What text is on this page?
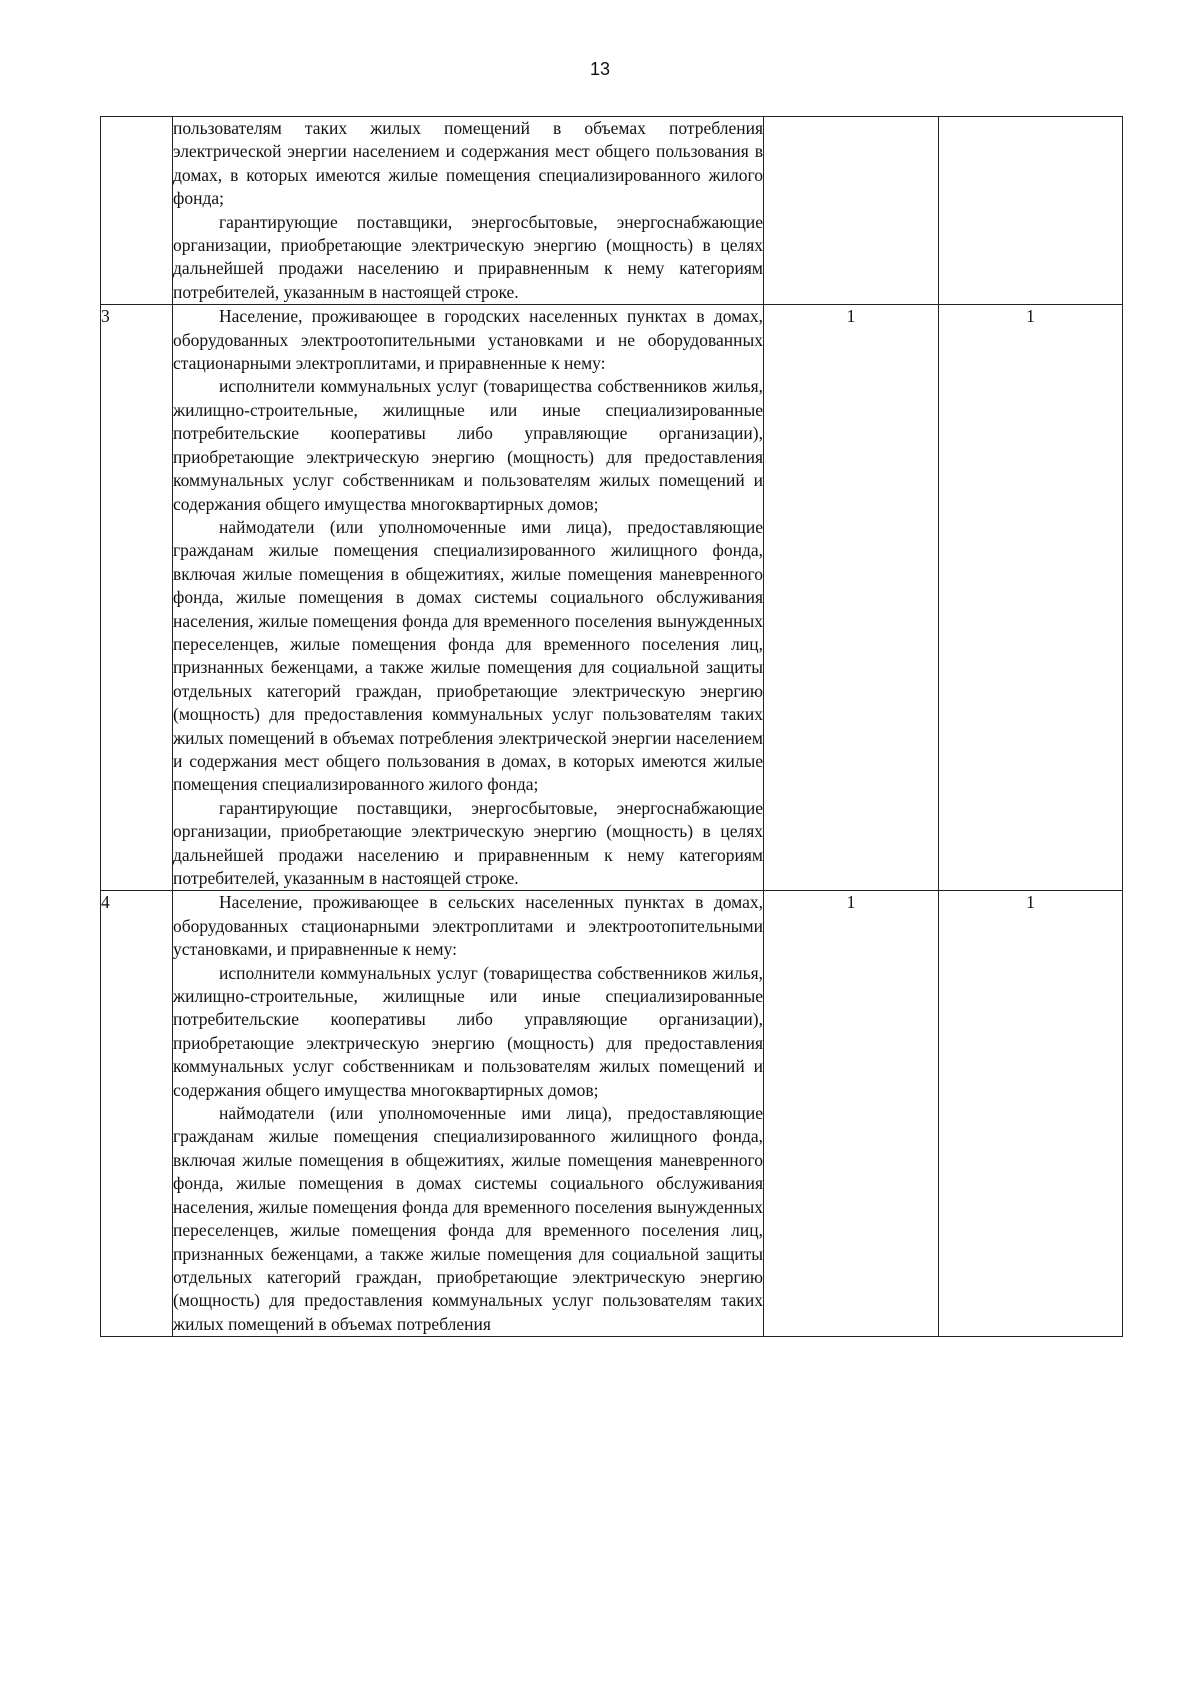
13

	пользователям таких жилых помещений в объемах потребления электрической энергии населением и содержания мест общего пользования в домах, в которых имеются жилые помещения специализированного жилого фонда;

гарантирующие поставщики, энергосбытовые, энергоснабжающие организации, приобретающие электрическую энергию (мощность) в целях дальнейшей продажи населению и приравненным к нему категориям потребителей, указанным в настоящей строке.		

3	Население, проживающее в городских населенных пунктах в домах, оборудованных электроотопительными установками и не оборудованных стационарными электроплитами, и приравненные к нему:

исполнители коммунальных услуг (товарищества собственников жилья, жилищно-строительные, жилищные или иные специализированные потребительские кооперативы либо управляющие организации), приобретающие электрическую энергию (мощность) для предоставления коммунальных услуг собственникам и пользователям жилых помещений и содержания общего имущества многоквартирных домов;

наймодатели (или уполномоченные ими лица), предоставляющие гражданам жилые помещения специализированного жилищного фонда, включая жилые помещения в общежитиях, жилые помещения маневренного фонда, жилые помещения в домах системы социального обслуживания населения, жилые помещения фонда для временного поселения вынужденных переселенцев, жилые помещения фонда для временного поселения лиц, признанных беженцами, а также жилые помещения для социальной защиты отдельных категорий граждан, приобретающие электрическую энергию (мощность) для предоставления коммунальных услуг пользователям таких жилых помещений в объемах потребления электрической энергии населением и содержания мест общего пользования в домах, в которых имеются жилые помещения специализированного жилого фонда;

гарантирующие поставщики, энергосбытовые, энергоснабжающие организации, приобретающие электрическую энергию (мощность) в целях дальнейшей продажи населению и приравненным к нему категориям потребителей, указанным в настоящей строке.	1	1
4	Население, проживающее в сельских населенных пунктах в домах, оборудованных стационарными электроплитами и электроотопительными установками, и приравненные к нему:

исполнители коммунальных услуг (товарищества собственников жилья, жилищно-строительные, жилищные или иные специализированные потребительские кооперативы либо управляющие организации), приобретающие электрическую энергию (мощность) для предоставления коммунальных услуг собственникам и пользователям жилых помещений и содержания общего имущества многоквартирных домов;

наймодатели (или уполномоченные ими лица), предоставляющие гражданам жилые помещения специализированного жилищного фонда, включая жилые помещения в общежитиях, жилые помещения маневренного фонда, жилые помещения в домах системы социального обслуживания населения, жилые помещения фонда для временного поселения вынужденных переселенцев, жилые помещения фонда для временного поселения лиц, признанных беженцами, а также жилые помещения для социальной защиты отдельных категорий граждан, приобретающие электрическую энергию (мощность) для предоставления коммунальных услуг пользователям таких жилых помещений в объемах потребления	1	1
